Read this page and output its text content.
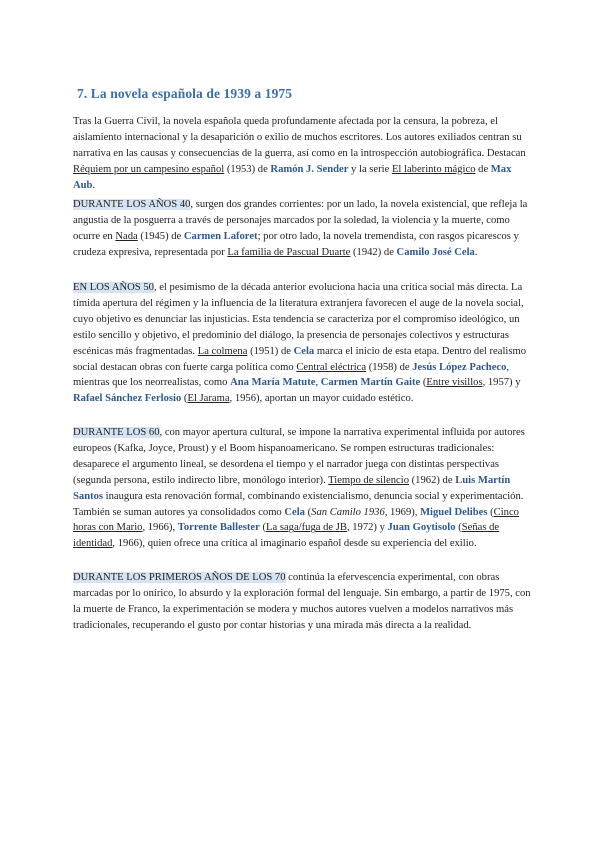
7. La novela española de 1939 a 1975

Tras la Guerra Civil, la novela española queda profundamente afectada por la censura, la pobreza, el aislamiento internacional y la desaparición o exilio de muchos escritores. Los autores exiliados centran su narrativa en las causas y consecuencias de la guerra, así como en la introspección autobiográfica. Destacan Réquiem por un campesino español (1953) de Ramón J. Sender y la serie El laberinto mágico de Max Aub.

DURANTE LOS AÑOS 40, surgen dos grandes corrientes: por un lado, la novela existencial, que refleja la angustia de la posguerra a través de personajes marcados por la soledad, la violencia y la muerte, como ocurre en Nada (1945) de Carmen Laforet; por otro lado, la novela tremendista, con rasgos picarescos y crudeza expresiva, representada por La familia de Pascual Duarte (1942) de Camilo José Cela.

EN LOS AÑOS 50, el pesimismo de la década anterior evoluciona hacia una crítica social más directa. La tímida apertura del régimen y la influencia de la literatura extranjera favorecen el auge de la novela social, cuyo objetivo es denunciar las injusticias. Esta tendencia se caracteriza por el compromiso ideológico, un estilo sencillo y objetivo, el predominio del diálogo, la presencia de personajes colectivos y estructuras escénicas más fragmentadas. La colmena (1951) de Cela marca el inicio de esta etapa. Dentro del realismo social destacan obras con fuerte carga política como Central eléctrica (1958) de Jesús López Pacheco, mientras que los neorrealistas, como Ana María Matute, Carmen Martín Gaite (Entre visillos, 1957) y Rafael Sánchez Ferlosio (El Jarama, 1956), aportan un mayor cuidado estético.

DURANTE LOS 60, con mayor apertura cultural, se impone la narrativa experimental influida por autores europeos (Kafka, Joyce, Proust) y el Boom hispanoamericano. Se rompen estructuras tradicionales: desaparece el argumento lineal, se desordena el tiempo y el narrador juega con distintas perspectivas (segunda persona, estilo indirecto libre, monólogo interior). Tiempo de silencio (1962) de Luis Martín Santos inaugura esta renovación formal, combinando existencialismo, denuncia social y experimentación. También se suman autores ya consolidados como Cela (San Camilo 1936, 1969), Miguel Delibes (Cinco horas con Mario, 1966), Torrente Ballester (La saga/fuga de JB, 1972) y Juan Goytisolo (Señas de identidad, 1966), quien ofrece una crítica al imaginario español desde su experiencia del exilio.

DURANTE LOS PRIMEROS AÑOS DE LOS 70 continúa la efervescencia experimental, con obras marcadas por lo onírico, lo absurdo y la exploración formal del lenguaje. Sin embargo, a partir de 1975, con la muerte de Franco, la experimentación se modera y muchos autores vuelven a modelos narrativos más tradicionales, recuperando el gusto por contar historias y una mirada más directa a la realidad.
